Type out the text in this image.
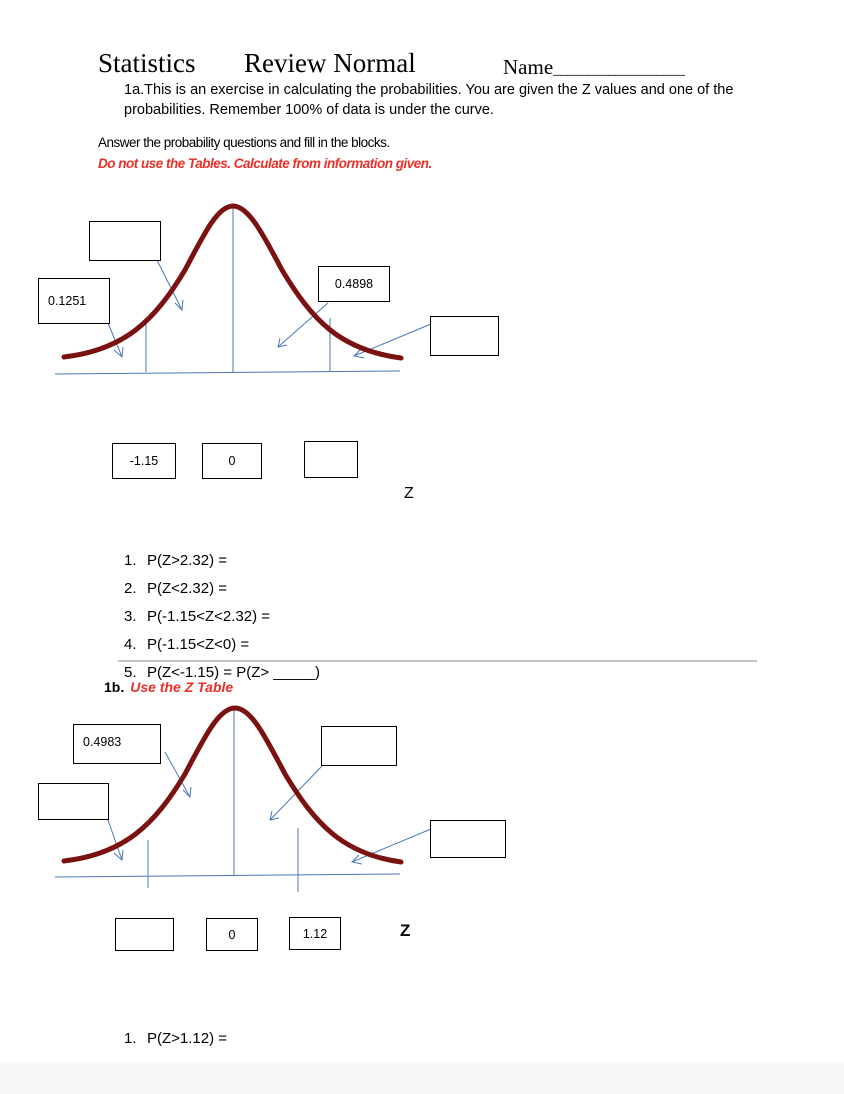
Statistics Review Normal	Name___________________
1a.This is an exercise in calculating the probabilities. You are given the Z values and one of the probabilities. Remember 100% of data is under the curve.
Answer the probability questions and fill in the blocks.
Do not use the Tables. Calculate from information given.
0.1251
0.4898
-1.15	0
Z
1. P(Z>2.32) =
2. P(Z<2.32) =
3. P(-1.15<Z<2.32) =
4. P(-1.15<Z<0) =
5. P(Z<-1.15) = P(Z> _____)
1b. Use the Z Table
0.4983
0	1.12	Z
1. P(Z>1.12) =
